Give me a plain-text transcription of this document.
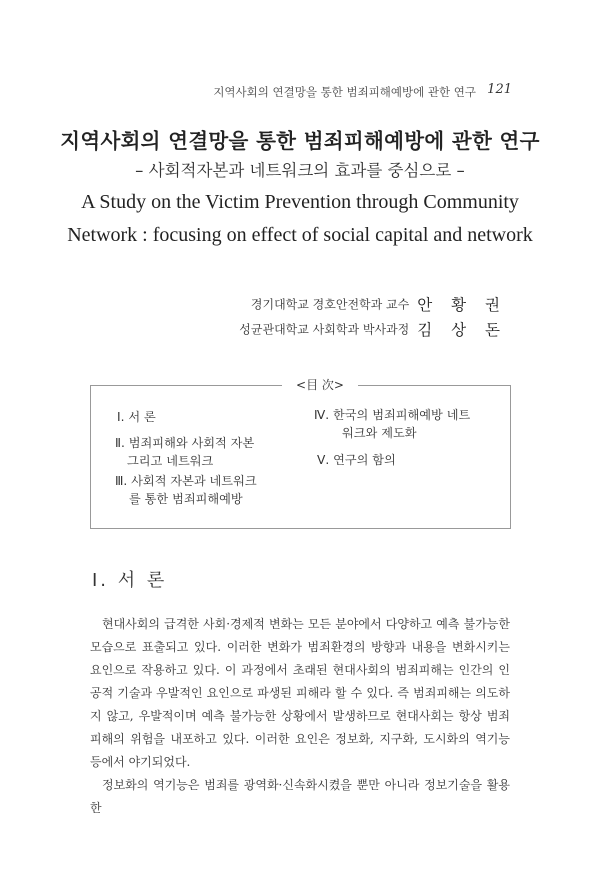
지역사회의 연결망을 통한 범죄피해예방에 관한 연구 121
지역사회의 연결망을 통한 범죄피해예방에 관한 연구
– 사회적자본과 네트워크의 효과를 중심으로 –
A Study on the Victim Prevention through Community
Network : focusing on effect of social capital and network
경기대학교 경호안전학과 교수 안 황 권
성균관대학교 사회학과 박사과정 김 상 돈
<目 次>
Ⅰ. 서 론
Ⅱ. 범죄피해와 사회적 자본
그리고 네트워크
Ⅲ. 사회적 자본과 네트워크
를 통한 범죄피해예방
Ⅳ. 한국의 범죄피해예방 네트
워크와 제도화
Ⅴ. 연구의 함의
Ⅰ. 서 론

현대사회의 급격한 사회·경제적 변화는 모든 분야에서 다양하고 예측 불가능한 모습으로 표출되고 있다. 이러한 변화가 범죄환경의 방향과 내용을 변화시키는 요인으로 작용하고 있다. 이 과정에서 초래된 현대사회의 범죄피해는 인간의 인공적 기술과 우발적인 요인으로 파생된 피해라 할 수 있다. 즉 범죄피해는 의도하지 않고, 우발적이며 예측 불가능한 상황에서 발생하므로 현대사회는 항상 범죄피해의 위험을 내포하고 있다. 이러한 요인은 정보화, 지구화, 도시화의 역기능 등에서 야기되었다.

정보화의 역기능은 범죄를 광역화·신속화시켰을 뿐만 아니라 정보기술을 활용한
